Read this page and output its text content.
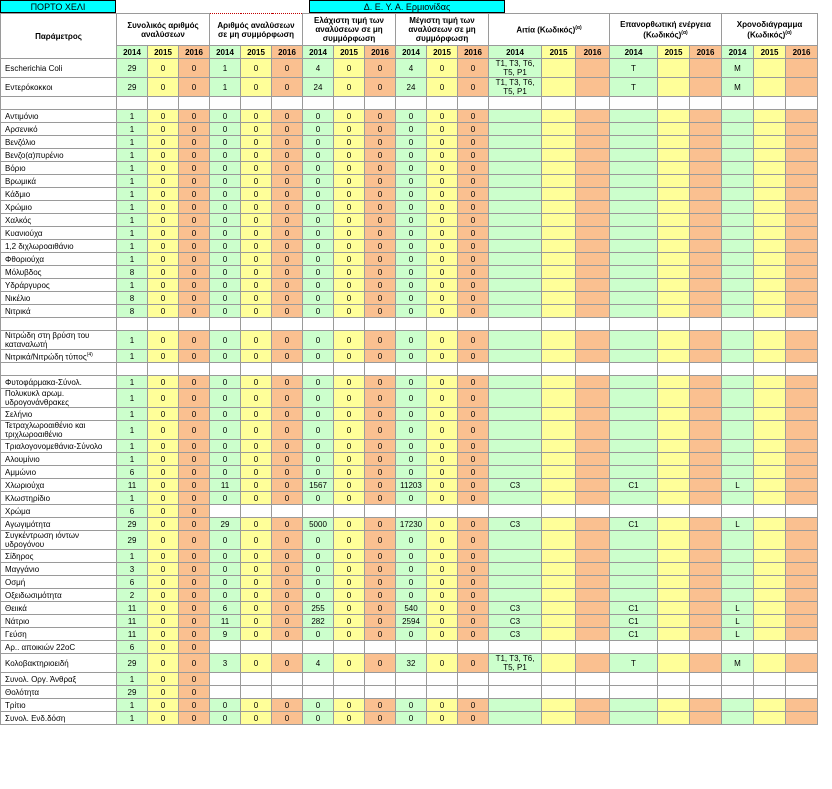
ΠΟΡΤΟ ΧΕΛΙ	Δ. Ε. Υ. Α. Ερμιονίδας
Παράμετρος	Συνολικός αριθμός αναλύσεων			Αριθμός αναλύσεων σε μη συμμόρφωση			Ελάχιστη τιμή των αναλύσεων σε μη συμμόρφωση			Μέγιστη τιμή των αναλύσεων σε μη συμμόρφωση			Αιτία $(K\omega\delta\iota\kappa ό\varsigma)^{(\alpha)}$			Επανορθωτική ενέργεια $(K\omega\delta\iota\kappa ό\varsigma)^{(\alpha)}$			Χρονοδιάγραμμα $(K\omega\delta\iota\kappa ό\varsigma)^{(\alpha)}$
	2014	2015	2016	2014	2015	2016	2014	2015	2016	2014	2015	2016	2014	2015	2016	2014	2015	2016	2014	2015	2016
Escherichia Coli	29	0	0	1	0	0	4	0	0	4	0	0	T1, T3, T6, T5, P1			T			M		
Εντερόκοκκοι	29	0	0	1	0	0	24	0	0	24	0	0	T1, T3, T6, T5, P1			T			M		

Αντιμόνιο	1	0	0	0	0	0	0	0	0	0	0	0									
Αρσενικό	1	0	0	0	0	0	0	0	0	0	0	0									
Βενζόλιο	1	0	0	0	0	0	0	0	0	0	0	0									
Βενζο(α)πυρένιο	1	0	0	0	0	0	0	0	0	0	0	0									
Βόριο	1	0	0	0	0	0	0	0	0	0	0	0									
Βρωμικά	1	0	0	0	0	0	0	0	0	0	0	0									
Κάδμιο	1	0	0	0	0	0	0	0	0	0	0	0									
Χρώμιο	1	0	0	0	0	0	0	0	0	0	0	0									
Χαλκός	1	0	0	0	0	0	0	0	0	0	0	0									
Κυανιούχα	1	0	0	0	0	0	0	0	0	0	0	0									
1,2 διχλωροαιθάνιο	1	0	0	0	0	0	0	0	0	0	0	0									
Φθοριούχα	1	0	0	0	0	0	0	0	0	0	0	0									
Μόλυβδος	8	0	0	0	0	0	0	0	0	0	0	0									
Υδράργυρος	1	0	0	0	0	0	0	0	0	0	0	0									
Νικέλιο	8	0	0	0	0	0	0	0	0	0	0	0									
Νιτρικά	8	0	0	0	0	0	0	0	0	0	0	0									

Νιτρώδη στη βρύση του καταναλωτή	1	0	0	0	0	0	0	0	0	0	0	0									
Νιτρικά/Νιτρώδη τύπος$^{(4)}$	1	0	0	0	0	0	0	0	0	0	0	0									

Φυτοφάρμακα-Σύνολ.	1	0	0	0	0	0	0	0	0	0	0	0									
Πολυκυκλ αρωμ. υδρογονάνθρακες	1	0	0	0	0	0	0	0	0	0	0	0									
Σελήνιο	1	0	0	0	0	0	0	0	0	0	0	0									
Τετραχλωροαιθένιο και τριχλωροαιθένιο	1	0	0	0	0	0	0	0	0	0	0	0									
Τριαλογονομεθάνια-Σύνολο	1	0	0	0	0	0	0	0	0	0	0	0									
Αλουμίνιο	1	0	0	0	0	0	0	0	0	0	0	0									
Αμμώνιο	6	0	0	0	0	0	0	0	0	0	0	0									
Χλωριούχα	11	0	0	11	0	0	1567	0	0	11203	0	0	C3			C1			L		
Κλωστηρίδιο	1	0	0	0	0	0	0	0	0	0	0	0									
Χρώμα	6	0	0																		
Αγωγιμότητα	29	0	0	29	0	0	5000	0	0	17230	0	0	C3			C1			L		
Συγκέντρωση ιόντων υδρογόνου	29	0	0	0	0	0	0	0	0	0	0	0									
Σίδηρος	1	0	0	0	0	0	0	0	0	0	0	0									
Μαγγάνιο	3	0	0	0	0	0	0	0	0	0	0	0									
Οσμή	6	0	0	0	0	0	0	0	0	0	0	0									
Οξειδωσιμότητα	2	0	0	0	0	0	0	0	0	0	0	0									
Θειικά	11	0	0	6	0	0	255	0	0	540	0	0	C3			C1			L		
Νάτριο	11	0	0	11	0	0	282	0	0	2594	0	0	C3			C1			L		
Γεύση	11	0	0	9	0	0	0	0	0	0	0	0	C3			C1			L		
Αρ.. αποικιών 22oC	6	0	0																		
Κολοβακτηριοειδή	29	0	0	3	0	0	4	0	0	32	0	0	T1, T3, T6, T5, P1			T			M		
Συνολ. Οργ. Άνθραξ	1	0	0																		
Θολότητα	29	0	0																		
Τρίτιο	1	0	0	0	0	0	0	0	0	0	0	0									
Συνολ. Ενδ.δόση	1	0	0	0	0	0	0	0	0	0	0	0									
